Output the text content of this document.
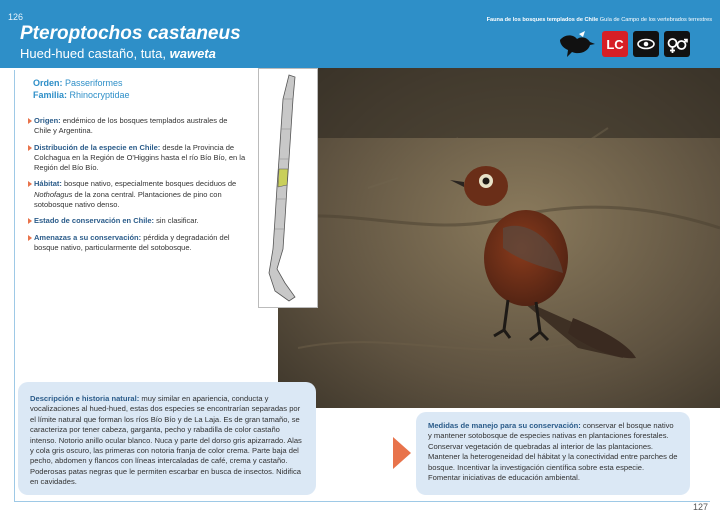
126	Fauna de los bosques templados de Chile Guía de Campo de los vertebrados terrestres
Pteroptochos castaneus
Hued-hued castaño, tuta, waweta
LC
Orden: Passeriformes
Familia: Rhinocryptidae
Origen: endémico de los bosques templados australes de Chile y Argentina.
Distribución de la especie en Chile: desde la Provincia de Colchagua en la Región de O'Higgins hasta el río Bío Bío, en la Región del Bío Bío.
Hábitat: bosque nativo, especialmente bosques deciduos de Nothofagus de la zona central. Plantaciones de pino con sotobosque nativo denso.
Estado de conservación en Chile: sin clasificar.
Amenazas a su conservación: pérdida y degradación del bosque nativo, particularmente del sotobosque.
Descripción e historia natural: muy similar en apariencia, conducta y vocalizaciones al hued-hued, estas dos especies se encontrarían separadas por el límite natural que forman los ríos Bío Bío y de La Laja. Es de gran tamaño, se caracteriza por tener cabeza, garganta, pecho y rabadilla de color castaño intenso. Notorio anillo ocular blanco. Nuca y parte del dorso gris apizarrado. Alas y cola gris oscuro, las primeras con notoria franja de color crema. Parte baja del pecho, abdomen y flancos con líneas intercaladas de café, crema y castaño. Poderosas patas negras que le permiten escarbar en busca de insectos. Nidifica en cavidades.
Medidas de manejo para su conservación: conservar el bosque nativo y mantener sotobosque de especies nativas en plantaciones forestales. Conservar vegetación de quebradas al interior de las plantaciones. Mantener la heterogeneidad del hábitat y la conectividad entre parches de bosque. Incentivar la investigación científica sobre esta especie. Fomentar iniciativas de educación ambiental.
127
